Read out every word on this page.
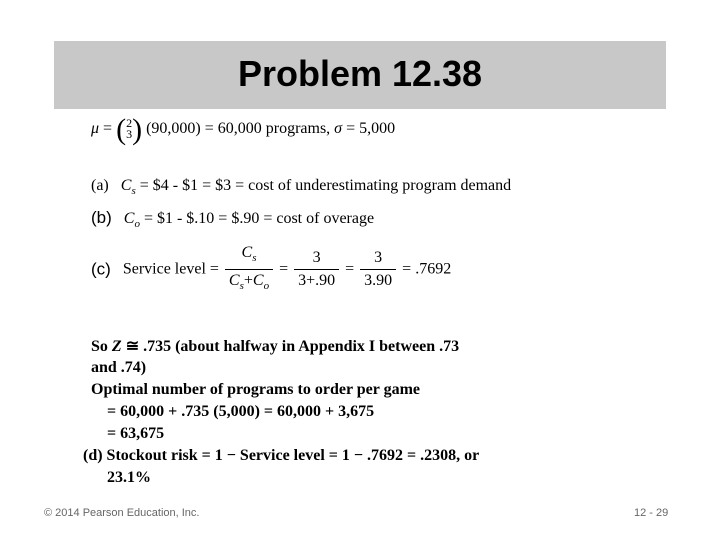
Problem 12.38
μ = ( 2
3 ) (90,000) = 60,000 programs, σ = 5,000
(a) $C_s$ = $4 - $1 = $3 = cost of underestimating program demand
(b) $C_o$ = $1 - $.10 = $.90 = cost of overage
(c) Service level = $\frac{C_s}{C_s+C_o} = \frac{3}{3+.90} = \frac{3}{3.90} = .7692$
So Z ≅ .735 (about halfway in Appendix I between .73
and .74)
Optimal number of programs to order per game
= 60,000 + .735 (5,000) = 60,000 + 3,675
= 63,675
(d) Stockout risk = 1 − Service level = 1 − .7692 = .2308, or
23.1%
© 2014 Pearson Education, Inc.	12 - 29
